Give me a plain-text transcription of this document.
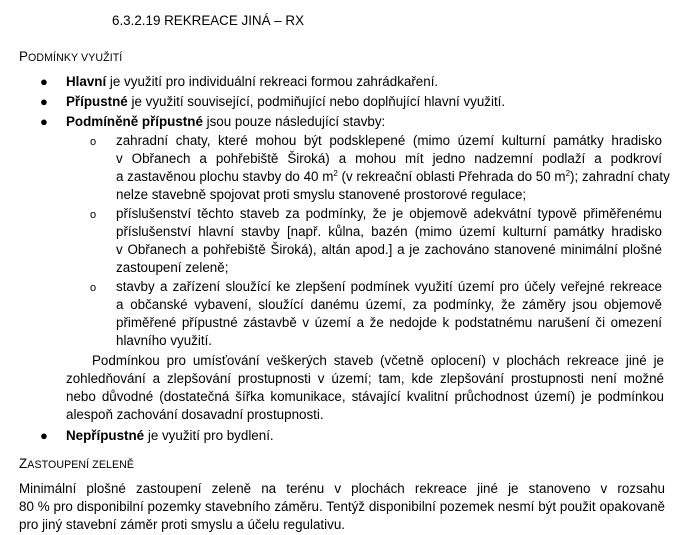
6.3.2.19 REKREACE JINÁ – RX
PODMÍNKY VYUŽITÍ
● Hlavní je využití pro individuální rekreaci formou zahrádkaření.
● Přípustné je využití související, podmiňující nebo doplňující hlavní využití.
● Podmíněně přípustné jsou pouze následující stavby:
o zahradní chaty, které mohou být podsklepené (mimo území kulturní památky hradisko
v Obřanech a pohřebiště Široká) a mohou mít jedno nadzemní podlaží a podkroví
a zastavěnou plochu stavby do 40 $m^2$ (v rekreační oblasti Přehrada do 50 $m^2$); zahradní chaty
nelze stavebně spojovat proti smyslu stanovené prostorové regulace;
o příslušenství těchto staveb za podmínky, že je objemově adekvátní typově přiměřenému
příslušenství hlavní stavby [např. kůlna, bazén (mimo území kulturní památky hradisko
v Obřanech a pohřebiště Široká), altán apod.] a je zachováno stanovené minimální plošné
zastoupení zeleně;
o stavby a zařízení sloužící ke zlepšení podmínek využití území pro účely veřejné rekreace
a občanské vybavení, sloužící danému území, za podmínky, že záměry jsou objemově
přiměřené přípustné zástavbě v území a že nedojde k podstatnému narušení či omezení
hlavního využití.
Podmínkou pro umísťování veškerých staveb (včetně oplocení) v plochách rekreace jiné je
zohledňování a zlepšování prostupnosti v území; tam, kde zlepšování prostupnosti není možné
nebo důvodné (dostatečná šířka komunikace, stávající kvalitní průchodnost území) je podmínkou
alespoň zachování dosavadní prostupnosti.
● Nepřípustné je využití pro bydlení.
ZASTOUPENÍ ZELENĚ
Minimální plošné zastoupení zeleně na terénu v plochách rekreace jiné je stanoveno v rozsahu
80 % pro disponibilní pozemky stavebního záměru. Tentýž disponibilní pozemek nesmí být použit opakovaně
pro jiný stavební záměr proti smyslu a účelu regulativu.
